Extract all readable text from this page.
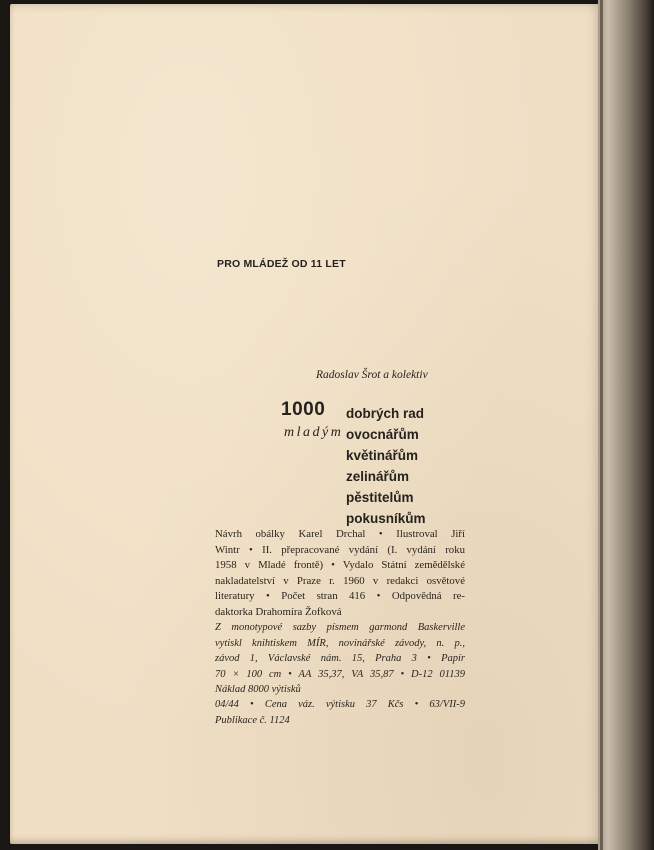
PRO MLÁDEŽ OD 11 LET
Radoslav Šrot a kolektiv
1000
mladým
dobrých rad
ovocnářům
květinářům
zelinářům
pěstitelům
pokusníkům

Návrh obálky Karel Drchal • Ilustroval Jiří
Wintr • II. přepracované vydání (I. vydání roku
1958 v Mladé frontě) • Vydalo Státní zemědělské
nakladatelství v Praze r. 1960 v redakci osvětové
literatury • Počet stran 416 • Odpovědná re-
daktorka Drahomíra Žofková

Z monotypové sazby písmem garmond Baskerville
vytiskl knihtiskem MÍR, novinářské závody, n. p.,
závod 1, Václavské nám. 15, Praha 3 • Papír
70 × 100 cm • AA 35,37, VA 35,87 • D-12 01139
Náklad 8000 výtisků

04/44 • Cena váz. výtisku 37 Kčs • 63/VII-9
Publikace č. 1124
